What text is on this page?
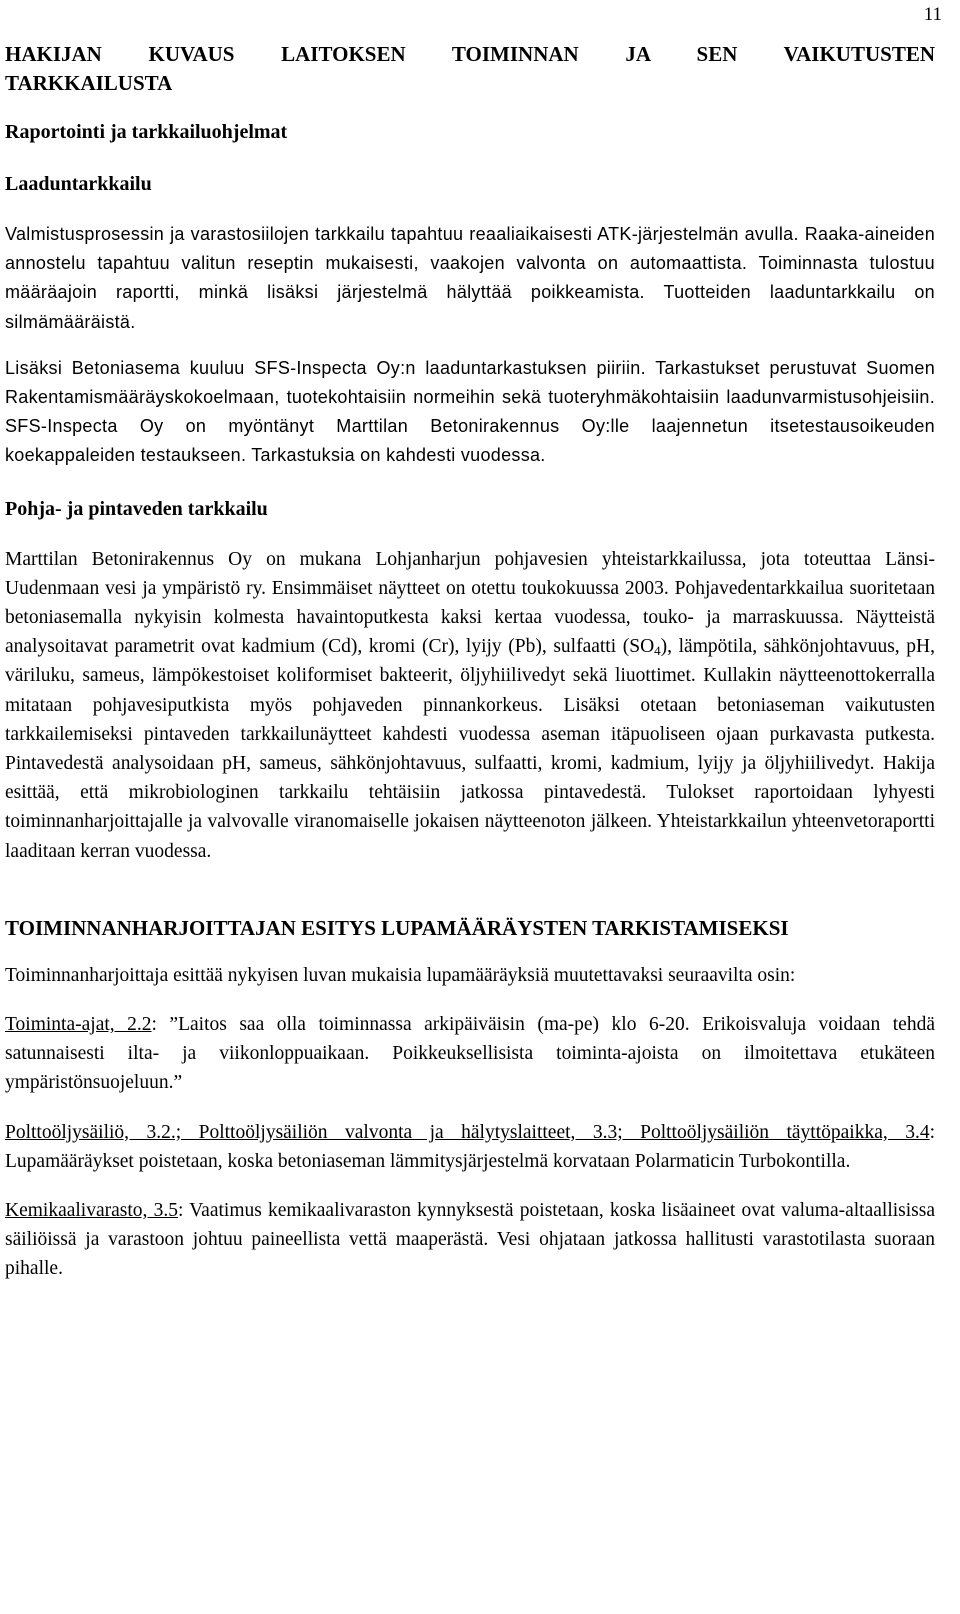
11
HAKIJAN KUVAUS LAITOKSEN TOIMINNAN JA SEN VAIKUTUSTEN TARKKAILUSTA
Raportointi ja tarkkailuohjelmat
Laaduntarkkailu

Valmistusprosessin ja varastosiilojen tarkkailu tapahtuu reaaliaikaisesti ATK-järjestelmän avulla. Raaka-aineiden annostelu tapahtuu valitun reseptin mukaisesti, vaakojen valvonta on automaattista. Toiminnasta tulostuu määräajoin raportti, minkä lisäksi järjestelmä hälyttää poikkeamista. Tuotteiden laaduntarkkailu on silmämääräistä.

Lisäksi Betoniasema kuuluu SFS-Inspecta Oy:n laaduntarkastuksen piiriin. Tarkastukset perustuvat Suomen Rakentamismääräyskokoelmaan, tuotekohtaisiin normeihin sekä tuoteryhmäkohtaisiin laadunvarmistusohjeisiin. SFS-Inspecta Oy on myöntänyt Marttilan Betonirakennus Oy:lle laajennetun itsetestausoikeuden koekappaleiden testaukseen. Tarkastuksia on kahdesti vuodessa.

Pohja- ja pintaveden tarkkailu

Marttilan Betonirakennus Oy on mukana Lohjanharjun pohjavesien yhteistarkkailussa, jota toteuttaa Länsi-Uudenmaan vesi ja ympäristö ry. Ensimmäiset näytteet on otettu toukokuussa 2003. Pohjavedentarkkailua suoritetaan betoniasemalla nykyisin kolmesta havaintoputkesta kaksi kertaa vuodessa, touko- ja marraskuussa. Näytteistä analysoitavat parametrit ovat kadmium (Cd), kromi (Cr), lyijy (Pb), sulfaatti $(SO_4)$, lämpötila, sähkönjohtavuus, pH, väriluku, sameus, lämpökestoiset koliformiset bakteerit, öljyhiilivedyt sekä liuottimet. Kullakin näytteenottokerralla mitataan pohjavesiputkista myös pohjaveden pinnankorkeus. Lisäksi otetaan betoniaseman vaikutusten tarkkailemiseksi pintaveden tarkkailunäytteet kahdesti vuodessa aseman itäpuoliseen ojaan purkavasta putkesta. Pintavedestä analysoidaan pH, sameus, sähkönjohtavuus, sulfaatti, kromi, kadmium, lyijy ja öljyhiilivedyt. Hakija esittää, että mikrobiologinen tarkkailu tehtäisiin jatkossa pintavedestä. Tulokset raportoidaan lyhyesti toiminnanharjoittajalle ja valvovalle viranomaiselle jokaisen näytteenoton jälkeen. Yhteistarkkailun yhteenvetoraportti laaditaan kerran vuodessa.

TOIMINNANHARJOITTAJAN ESITYS LUPAMÄÄRÄYSTEN TARKISTAMISEKSI

Toiminnanharjoittaja esittää nykyisen luvan mukaisia lupamääräyksiä muutettavaksi seuraavilta osin:

Toiminta-ajat, 2.2: ”Laitos saa olla toiminnassa arkipäiväisin (ma-pe) klo 6-20. Erikoisvaluja voidaan tehdä satunnaisesti ilta- ja viikonloppuaikaan. Poikkeuksellisista toiminta-ajoista on ilmoitettava etukäteen ympäristönsuojeluun.”

Polttoöljysäiliö, 3.2.; Polttoöljysäiliön valvonta ja hälytyslaitteet, 3.3; Polttoöljysäiliön täyttöpaikka, 3.4: Lupamääräykset poistetaan, koska betoniaseman lämmitysjärjestelmä korvataan Polarmaticin Turbokontilla.

Kemikaalivarasto, 3.5: Vaatimus kemikaalivaraston kynnyksestä poistetaan, koska lisäaineet ovat valuma-altaallisissa säiliöissä ja varastoon johtuu paineellista vettä maaperästä. Vesi ohjataan jatkossa hallitusti varastotilasta suoraan pihalle.
